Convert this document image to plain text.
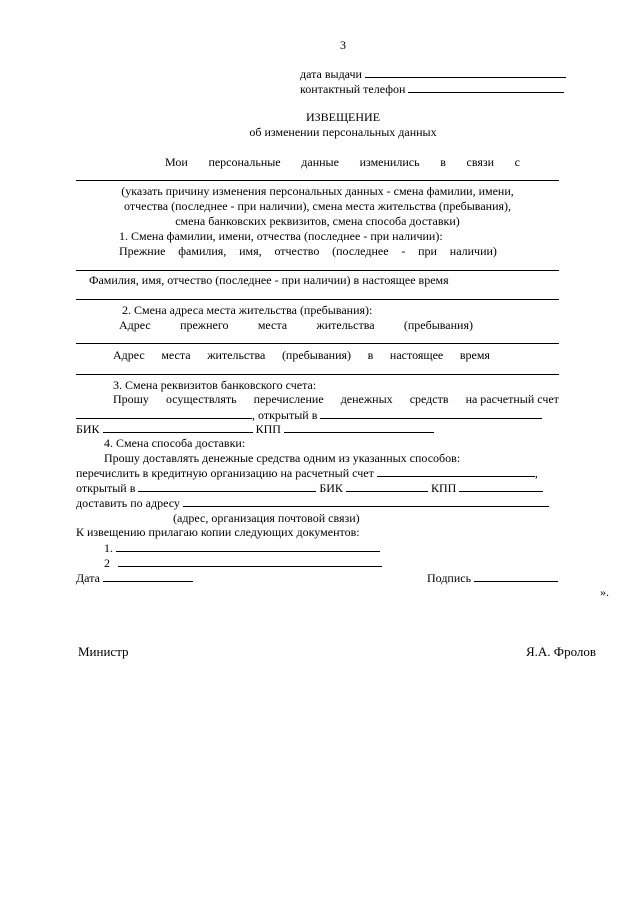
3
дата выдачи
контактный телефон
ИЗВЕЩЕНИЕ
об изменении персональных данных
Мои персональные данные изменились в связи с
(указать причину изменения персональных данных - смена фамилии, имени,
отчества (последнее - при наличии), смена места жительства (пребывания),
смена банковских реквизитов, смена способа доставки)
1. Смена фамилии, имени, отчества (последнее - при наличии):
Прежние фамилия, имя, отчество (последнее - при наличии)
Фамилия, имя, отчество (последнее - при наличии) в настоящее время
2. Смена адреса места жительства (пребывания):
Адрес прежнего места жительства (пребывания)
Адрес места жительства (пребывания) в настоящее время
3. Смена реквизитов банковского счета:
Прошу осуществлять перечисление денежных средств на расчетный счет
, открытый в
БИК	КПП
4. Смена способа доставки:
Прошу доставлять денежные средства одним из указанных способов:
перечислить в кредитную организацию на расчетный счет	,
открытый в	БИК	КПП
доставить по адресу
(адрес, организация почтовой связи)
К извещению прилагаю копии следующих документов:
1.
2
Дата	Подпись
».
Министр	Я.А. Фролов
